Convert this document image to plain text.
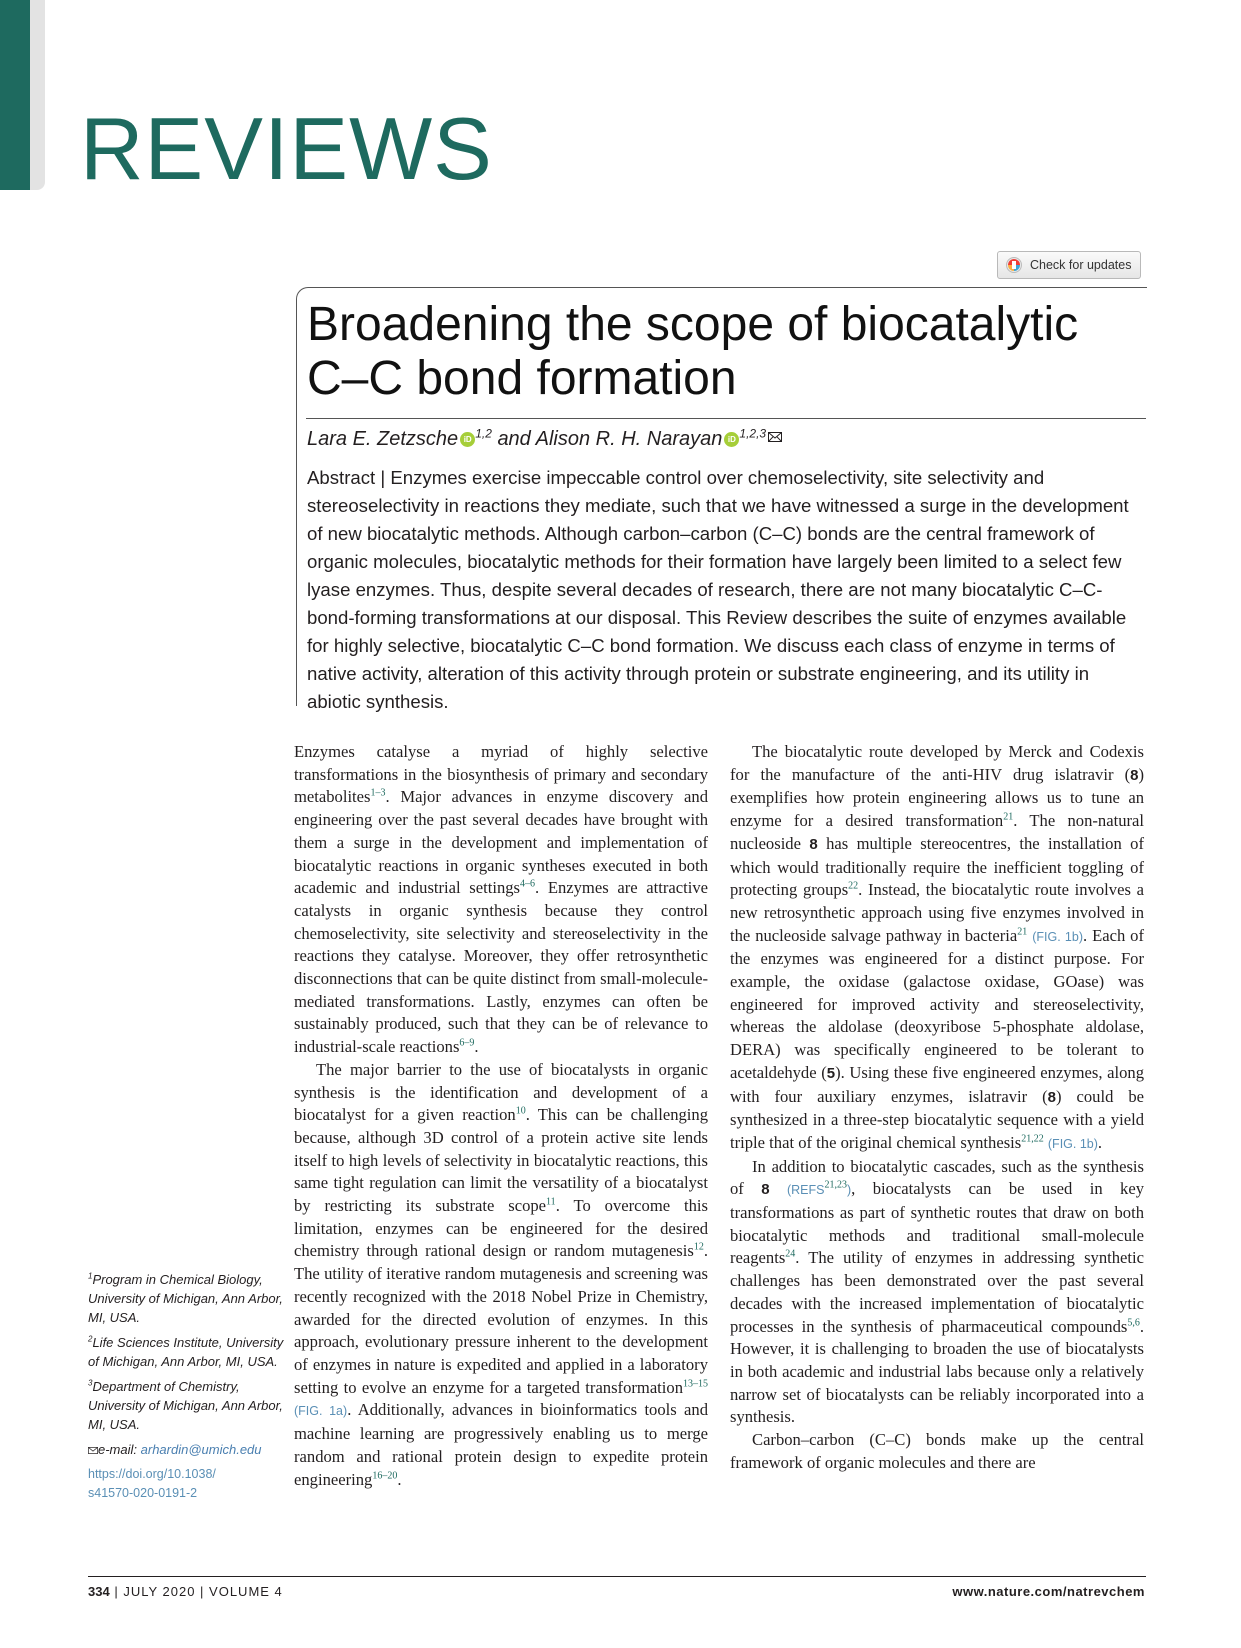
REVIEWS
Check for updates
Broadening the scope of biocatalytic
C–C bond formation
Lara E. Zetzsche iD $^{1,2}$ and Alison R. H. Narayan iD $^{1,2,3}$

Abstract | Enzymes exercise impeccable control over chemoselectivity, site selectivity and stereoselectivity in reactions they mediate, such that we have witnessed a surge in the development of new biocatalytic methods. Although carbon–carbon (C–C) bonds are the central framework of organic molecules, biocatalytic methods for their formation have largely been limited to a select few lyase enzymes. Thus, despite several decades of research, there are not many biocatalytic C–C-bond-forming transformations at our disposal. This Review describes the suite of enzymes available for highly selective, biocatalytic C–C bond formation. We discuss each class of enzyme in terms of native activity, alteration of this activity through protein or substrate engineering, and its utility in abiotic synthesis.

Enzymes catalyse a myriad of highly selective transformations in the biosynthesis of primary and secondary metabolites$^{1-3}$. Major advances in enzyme discovery and engineering over the past several decades have brought with them a surge in the development and implementation of biocatalytic reactions in organic syntheses executed in both academic and industrial settings$^{4-6}$. Enzymes are attractive catalysts in organic synthesis because they control chemoselectivity, site selectivity and stereoselectivity in the reactions they catalyse. Moreover, they offer retrosynthetic disconnections that can be quite distinct from small-molecule-mediated transformations. Lastly, enzymes can often be sustainably produced, such that they can be of relevance to industrial-scale reactions$^{6-9}$.

The major barrier to the use of biocatalysts in organic synthesis is the identification and development of a biocatalyst for a given reaction$^{10}$. This can be challenging because, although 3D control of a protein active site lends itself to high levels of selectivity in biocatalytic reactions, this same tight regulation can limit the versatility of a biocatalyst by restricting its substrate scope$^{11}$. To overcome this limitation, enzymes can be engineered for the desired chemistry through rational design or random mutagenesis$^{12}$. The utility of iterative random mutagenesis and screening was recently recognized with the 2018 Nobel Prize in Chemistry, awarded for the directed evolution of enzymes. In this approach, evolutionary pressure inherent to the development of enzymes in nature is expedited and applied in a laboratory setting to evolve an enzyme for a targeted transformation$^{13-15}$ (FIG. 1a). Additionally, advances in bioinformatics tools and machine learning are progressively enabling us to merge random and rational protein design to expedite protein engineering$^{16-20}$.

The biocatalytic route developed by Merck and Codexis for the manufacture of the anti-HIV drug islatravir (8) exemplifies how protein engineering allows us to tune an enzyme for a desired transformation$^{21}$. The non-natural nucleoside 8 has multiple stereocentres, the installation of which would traditionally require the inefficient toggling of protecting groups$^{22}$. Instead, the biocatalytic route involves a new retrosynthetic approach using five enzymes involved in the nucleoside salvage pathway in bacteria$^{21}$ (FIG. 1b). Each of the enzymes was engineered for a distinct purpose. For example, the oxidase (galactose oxidase, GOase) was engineered for improved activity and stereoselectivity, whereas the aldolase (deoxyribose 5-phosphate aldolase, DERA) was specifically engineered to be tolerant to acetaldehyde (5). Using these five engineered enzymes, along with four auxiliary enzymes, islatravir (8) could be synthesized in a three-step biocatalytic sequence with a yield triple that of the original chemical synthesis$^{21,22}$ (FIG. 1b).

In addition to biocatalytic cascades, such as the synthesis of 8 (REFS$^{21,23}$), biocatalysts can be used in key transformations as part of synthetic routes that draw on both biocatalytic methods and traditional small-molecule reagents$^{24}$. The utility of enzymes in addressing synthetic challenges has been demonstrated over the past several decades with the increased implementation of biocatalytic processes in the synthesis of pharmaceutical compounds$^{5,6}$. However, it is challenging to broaden the use of biocatalysts in both academic and industrial labs because only a relatively narrow set of biocatalysts can be reliably incorporated into a synthesis.

Carbon–carbon (C–C) bonds make up the central framework of organic molecules and there are

$^1$Program in Chemical Biology, University of Michigan, Ann Arbor, MI, USA.

$^2$Life Sciences Institute, University of Michigan, Ann Arbor, MI, USA.

$^3$Department of Chemistry, University of Michigan, Ann Arbor, MI, USA.

e-mail: arhardin@umich.edu

https://doi.org/10.1038/
s41570-020-0191-2

334 | JULY 2020 | VOLUME 4	www.nature.com/natrevchem
